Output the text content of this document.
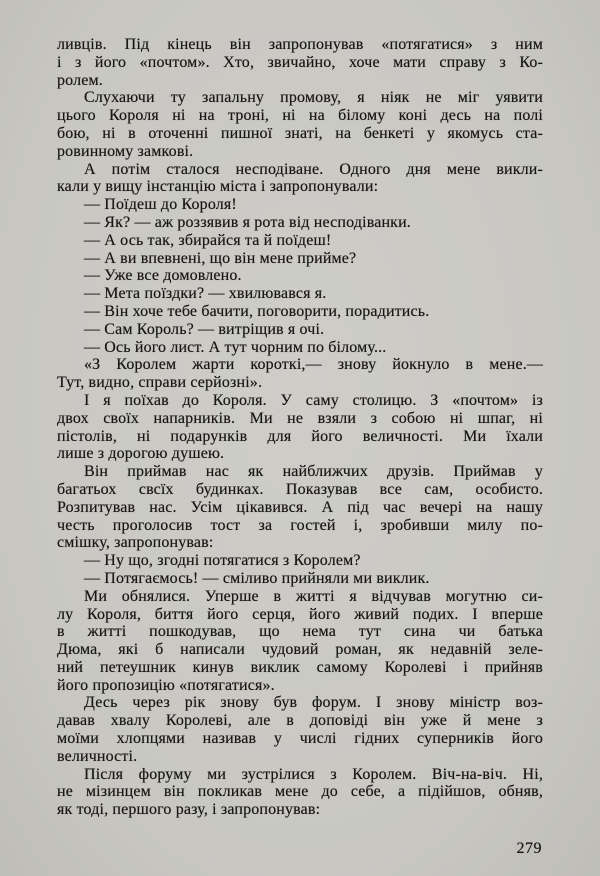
ливців. Під кінець він запропонував «потягатися» з ним
і з його «почтом». Хто, звичайно, хоче мати справу з Ко-
ролем.
Слухаючи ту запальну промову, я ніяк не міг уявити
цього Короля ні на троні, ні на білому коні десь на полі
бою, ні в оточенні пишної знаті, на бенкеті у якомусь ста-
ровинному замкові.
А потім сталося несподіване. Одного дня мене викли-
кали у вищу інстанцію міста і запропонували:
— Поїдеш до Короля!
— Як? — аж роззявив я рота від несподіванки.
— А ось так, збирайся та й поїдеш!
— А ви впевнені, що він мене прийме?
— Уже все домовлено.
— Мета поїздки? — хвилювався я.
— Він хоче тебе бачити, поговорити, порадитись.
— Сам Король? — витріщив я очі.
— Ось його лист. А тут чорним по білому...
«З Королем жарти короткі,— знову йокнуло в мене.—
Тут, видно, справи серйозні».
І я поїхав до Короля. У саму столицю. З «почтом» із
двох своїх напарників. Ми не взяли з собою ні шпаг, ні
пістолів, ні подарунків для його величності. Ми їхали
лише з дорогою душею.
Він приймав нас як найближчих друзів. Приймав у
багатьох свсїх будинках. Показував все сам, особисто.
Розпитував нас. Усім цікавився. А під час вечері на нашу
честь проголосив тост за гостей і, зробивши милу по-
смішку, запропонував:
— Ну що, згодні потягатися з Королем?
— Потягаємось! — сміливо прийняли ми виклик.
Ми обнялися. Уперше в житті я відчував могутню си-
лу Короля, биття його серця, його живий подих. І вперше
в житті пошкодував, що нема тут сина чи батька
Дюма, які б написали чудовий роман, як недавній зеле-
ний петеушник кинув виклик самому Королеві і прийняв
його пропозицію «потягатися».
Десь через рік знову був форум. І знову міністр воз-
давав хвалу Королеві, але в доповіді він уже й мене з
моїми хлопцями називав у числі гідних суперників його
величності.
Після форуму ми зустрілися з Королем. Віч-на-віч. Ні,
не мізинцем він покликав мене до себе, а підійшов, обняв,
як тоді, першого разу, і запропонував:
279
